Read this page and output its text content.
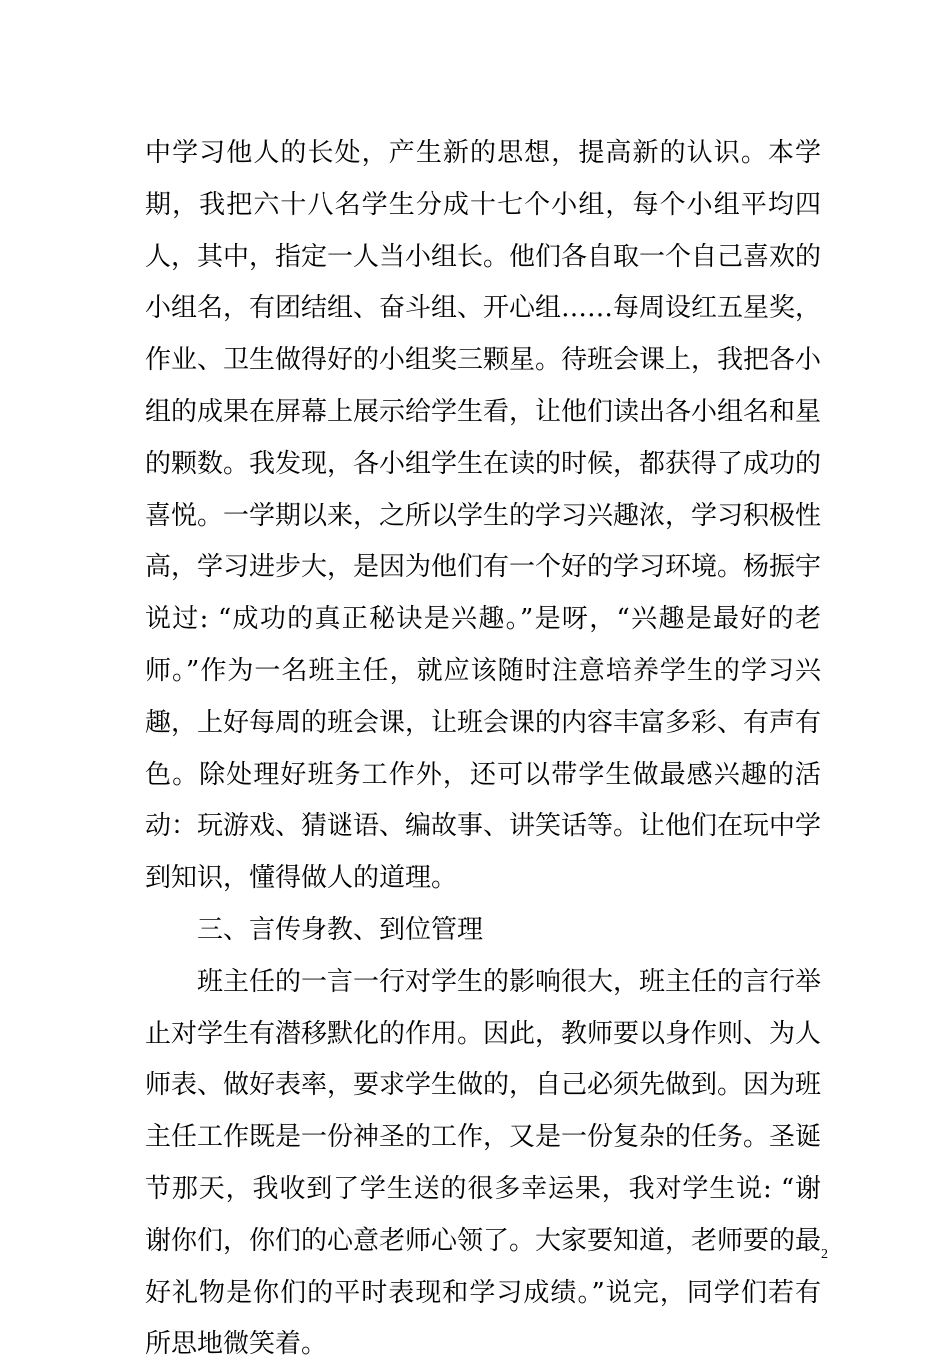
中学习他人的长处，产生新的思想，提高新的认识。本学期，我把六十八名学生分成十七个小组，每个小组平均四人，其中，指定一人当小组长。他们各自取一个自己喜欢的小组名，有团结组、奋斗组、开心组……每周设红五星奖，作业、卫生做得好的小组奖三颗星。待班会课上，我把各小组的成果在屏幕上展示给学生看，让他们读出各小组名和星的颗数。我发现，各小组学生在读的时候，都获得了成功的喜悦。一学期以来，之所以学生的学习兴趣浓，学习积极性高，学习进步大，是因为他们有一个好的学习环境。杨振宇说过: “成功的真正秘诀是兴趣。”是呀，“兴趣是最好的老师。”作为一名班主任，就应该随时注意培养学生的学习兴趣，上好每周的班会课，让班会课的内容丰富多彩、有声有色。除处理好班务工作外，还可以带学生做最感兴趣的活动：玩游戏、猜谜语、编故事、讲笑话等。让他们在玩中学到知识，懂得做人的道理。

三、言传身教、到位管理

班主任的一言一行对学生的影响很大，班主任的言行举止对学生有潜移默化的作用。因此，教师要以身作则、为人师表、做好表率，要求学生做的，自己必须先做到。因为班主任工作既是一份神圣的工作，又是一份复杂的任务。圣诞节那天，我收到了学生送的很多幸运果，我对学生说: “谢谢你们，你们的心意老师心领了。大家要知道，老师要的最好礼物是你们的平时表现和学习成绩。”说完，同学们若有所思地微笑着。

2
